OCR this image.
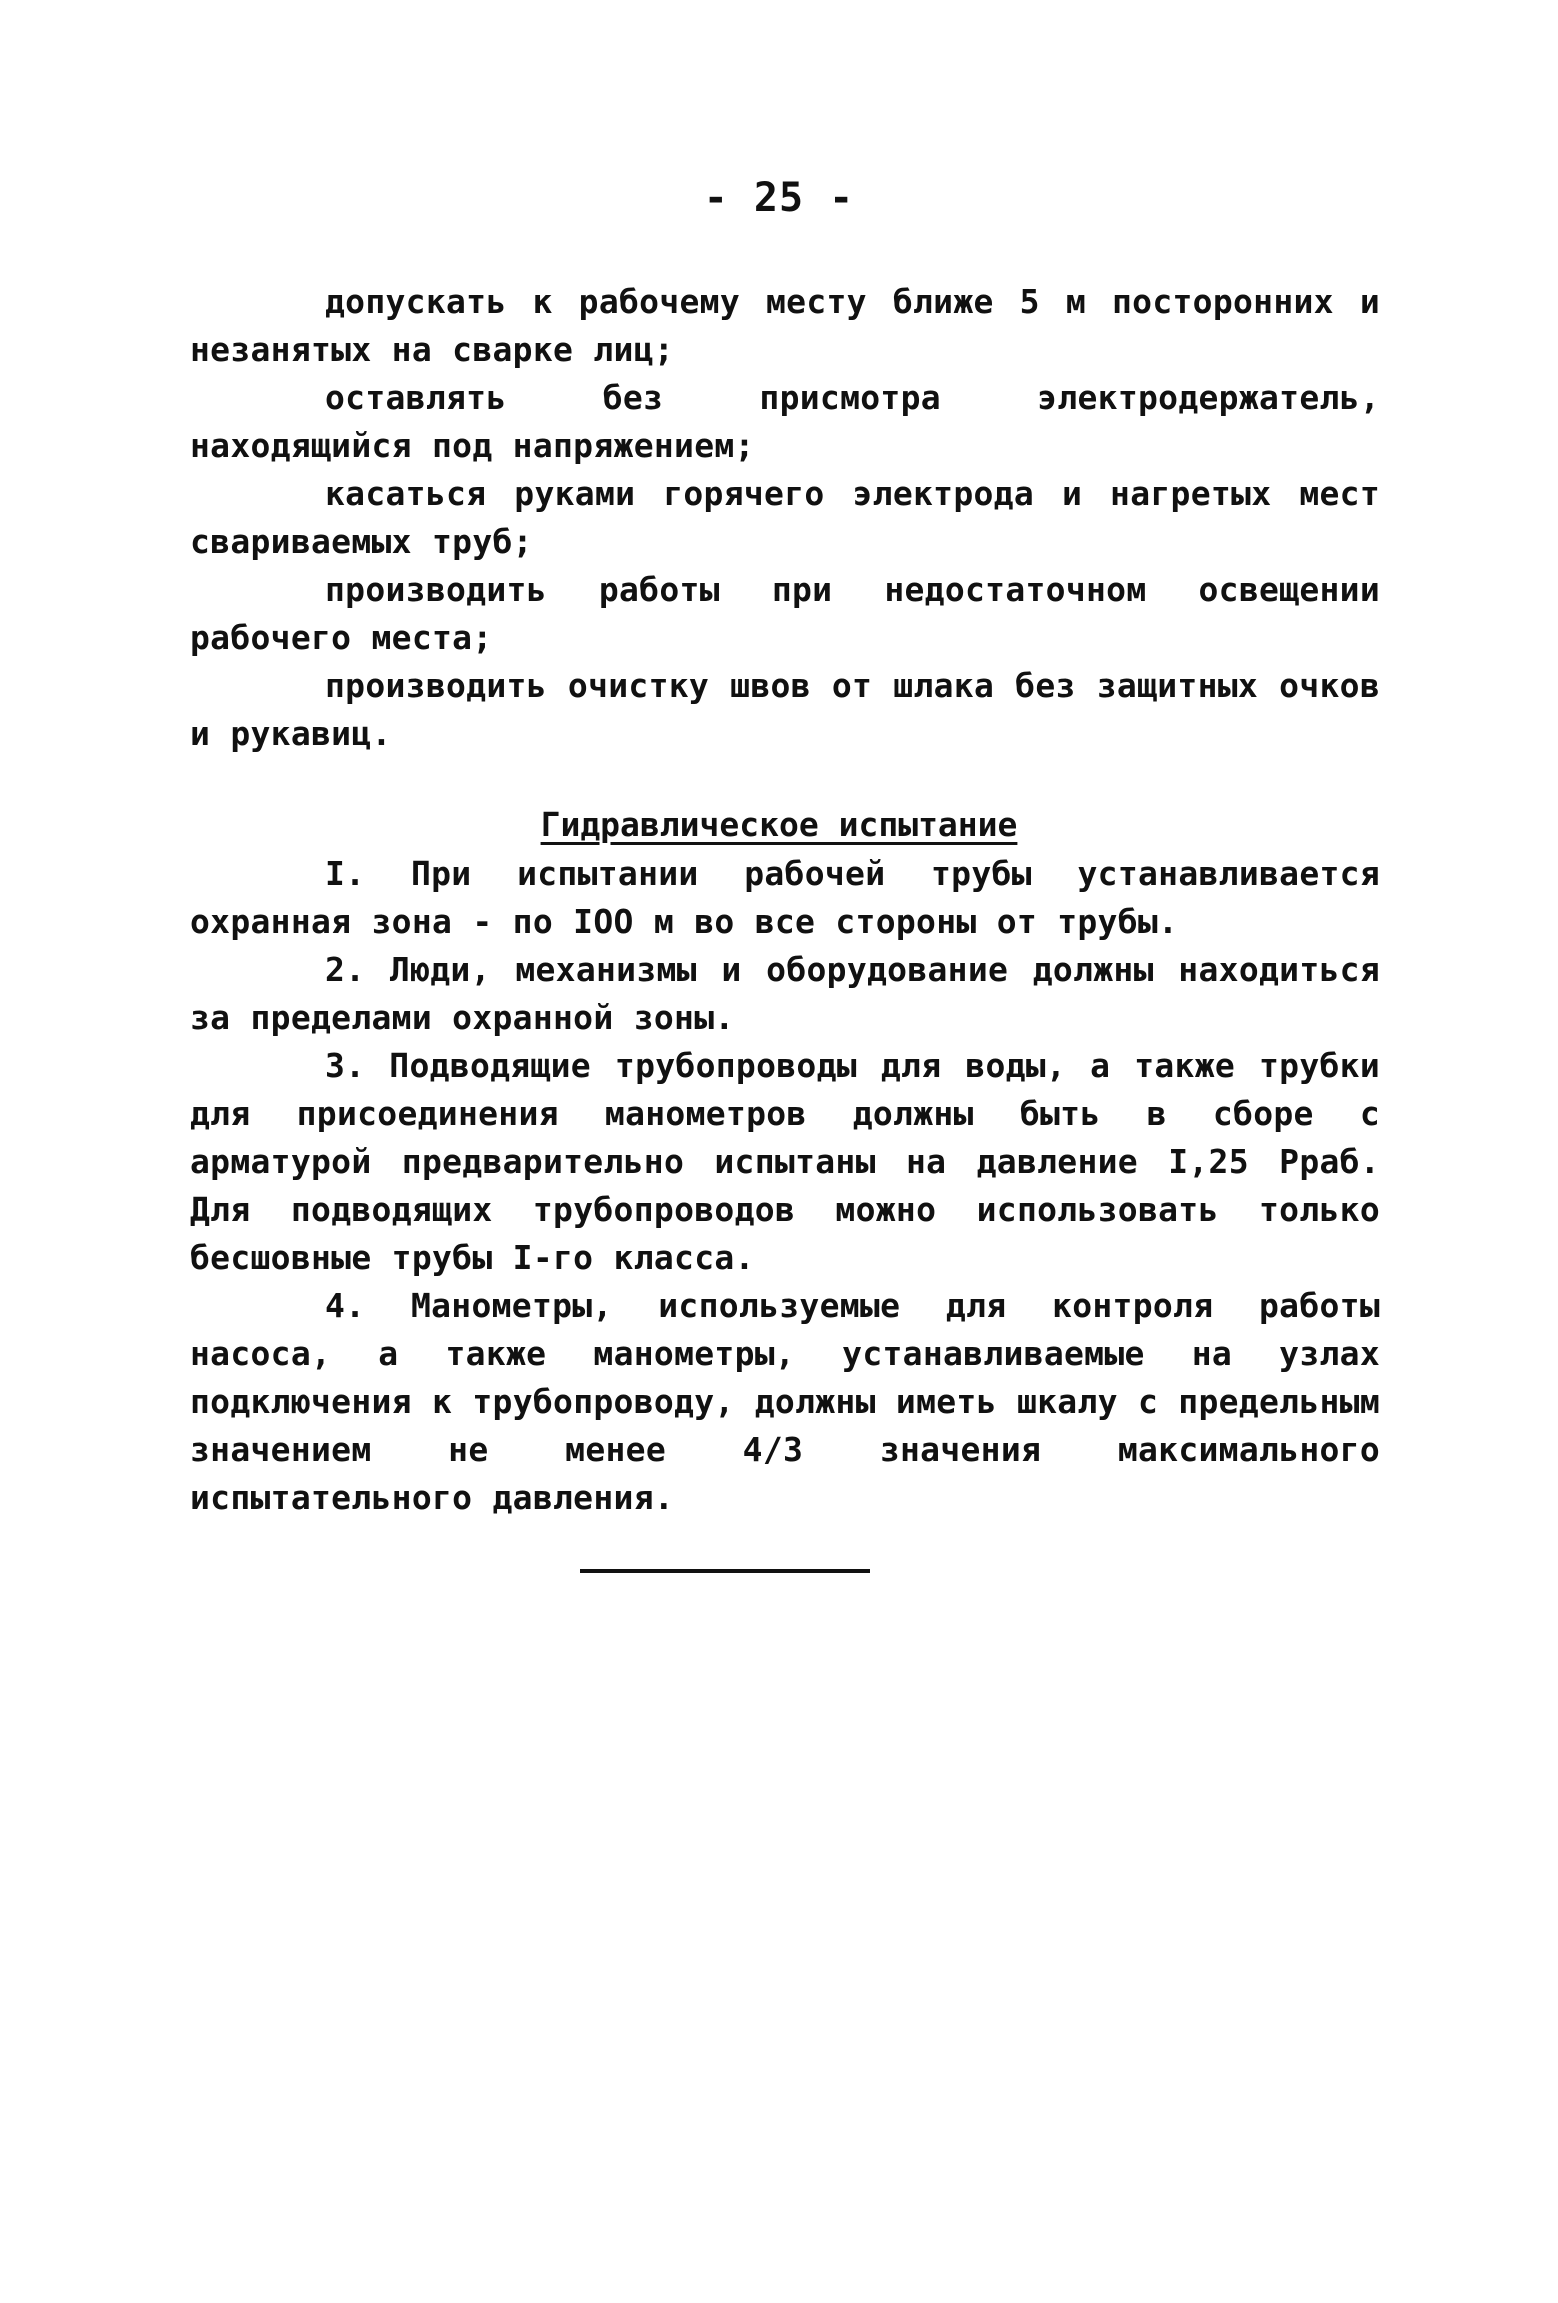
- 25 -

допускать к рабочему месту ближе 5 м посторонних и незанятых на сварке лиц;

оставлять без присмотра электродержатель, находящийся под напряжением;

касаться руками горячего электрода и нагретых мест свариваемых труб;

производить работы при недостаточном освещении рабочего места;

производить очистку швов от шлака без защитных очков и рукавиц.

Гидравлическое испытание

I. При испытании рабочей трубы устанавливается охранная зона - по IOO м во все стороны от трубы.

2. Люди, механизмы и оборудование должны находиться за пределами охранной зоны.

3. Подводящие трубопроводы для воды, а также трубки для присоединения манометров должны быть в сборе с арматурой предварительно испытаны на давление I,25 Рраб. Для подводящих трубопроводов можно использовать только бесшовные трубы I-го класса.

4. Манометры, используемые для контроля работы насоса, а также манометры, устанавливаемые на узлах подключения к трубопроводу, должны иметь шкалу с предельным значением не менее 4/3 значения максимального испытательного давления.
